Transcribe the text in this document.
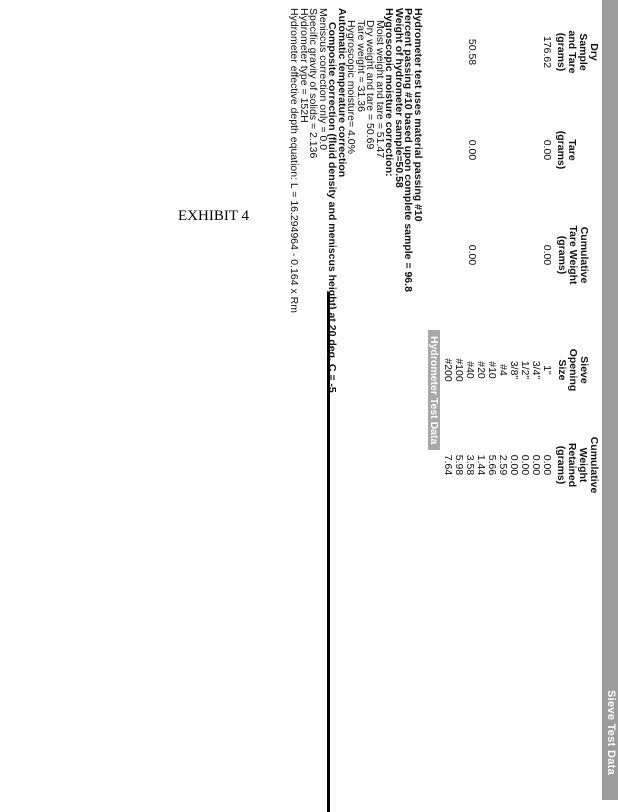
EXHIBIT 4
Sieve Test Data
Dry
Sample
and Tare
(grams)
Tare
(grams)
Cumulative
Tare Weight
(grams)
176.62
0.00
0.00
50.58
0.00
0.00
Sieve
Opening
Size
Cumulative
Weight
Retained
(grams)
1"
0.00
3/4"
0.00
1/2"
0.00
3/8"
0.00
#4
2.59
#10
5.66
#20
1.44
#40
3.58
#100
5.98
#200
7.64
Hydrometer Test Data
Hydrometer test uses material passing #10
Percent passing #10 based upon complete sample = 96.8
Weight of hydrometer sample=50.58
Hygroscopic moisture correction:
Moist weight and tare = 51.47
Dry weight and tare = 50.69
Tare weight = 31.36
Hygroscopic moisture= 4.0%
Automatic temperature correction
Composite correction (fluid density and meniscus height) at 20 deg. C = -5
Meniscus correction only = 0.0
Specific gravity of solids = 2.136
Hydrometer type = 152H
Hydrometer effective depth equation: L = 16.294964 - 0.164 x Rm
